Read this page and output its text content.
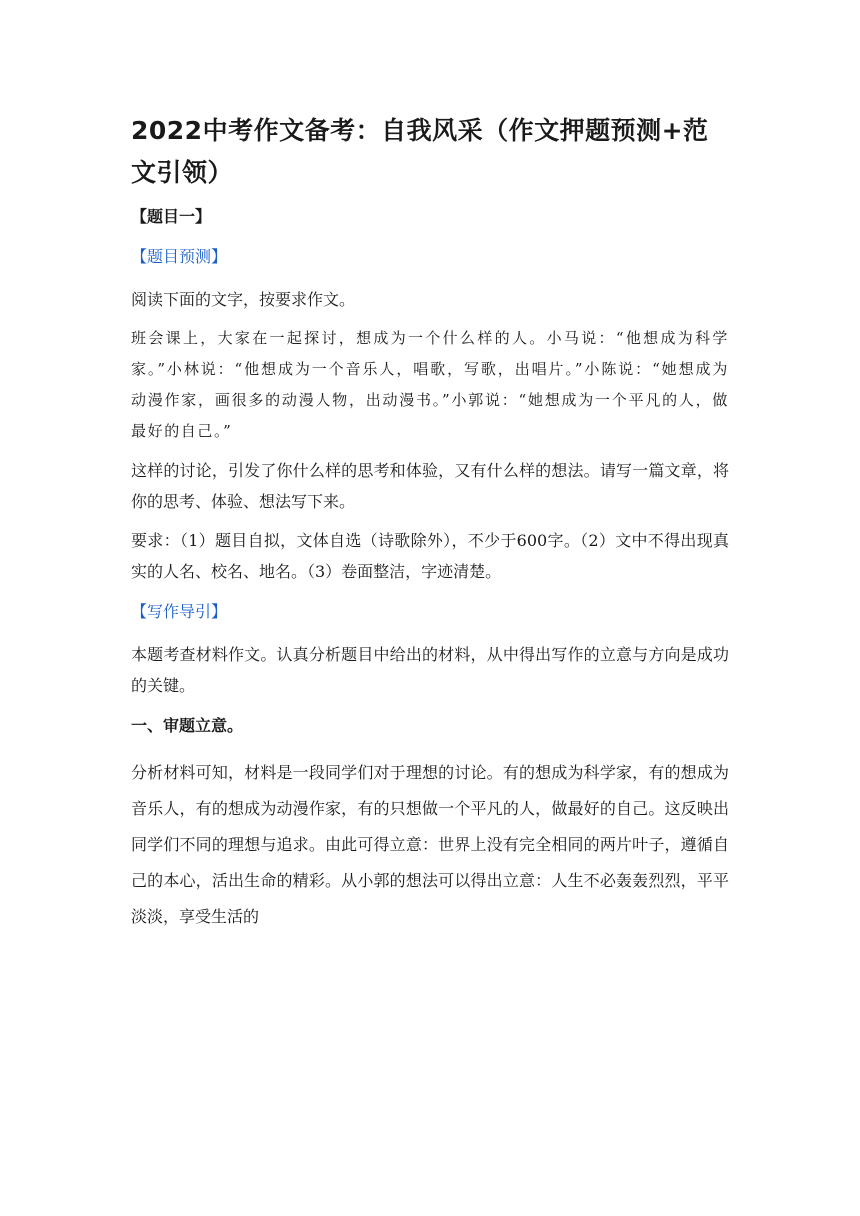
2022中考作文备考：自我风采（作文押题预测+范文引领）
【题目一】
【题目预测】

阅读下面的文字，按要求作文。

班会课上，大家在一起探讨，想成为一个什么样的人。小马说：“他想成为科学家。”小林说：“他想成为一个音乐人，唱歌，写歌，出唱片。”小陈说：“她想成为动漫作家，画很多的动漫人物，出动漫书。”小郭说：“她想成为一个平凡的人，做最好的自己。”

这样的讨论，引发了你什么样的思考和体验，又有什么样的想法。请写一篇文章，将你的思考、体验、想法写下来。

要求：（1）题目自拟，文体自选（诗歌除外），不少于600字。（2）文中不得出现真实的人名、校名、地名。（3）卷面整洁，字迹清楚。

【写作导引】

本题考查材料作文。认真分析题目中给出的材料，从中得出写作的立意与方向是成功的关键。

一、审题立意。

分析材料可知，材料是一段同学们对于理想的讨论。有的想成为科学家，有的想成为音乐人，有的想成为动漫作家，有的只想做一个平凡的人，做最好的自己。这反映出同学们不同的理想与追求。由此可得立意：世界上没有完全相同的两片叶子，遵循自己的本心，活出生命的精彩。从小郭的想法可以得出立意：人生不必轰轰烈烈，平平淡淡，享受生活的
